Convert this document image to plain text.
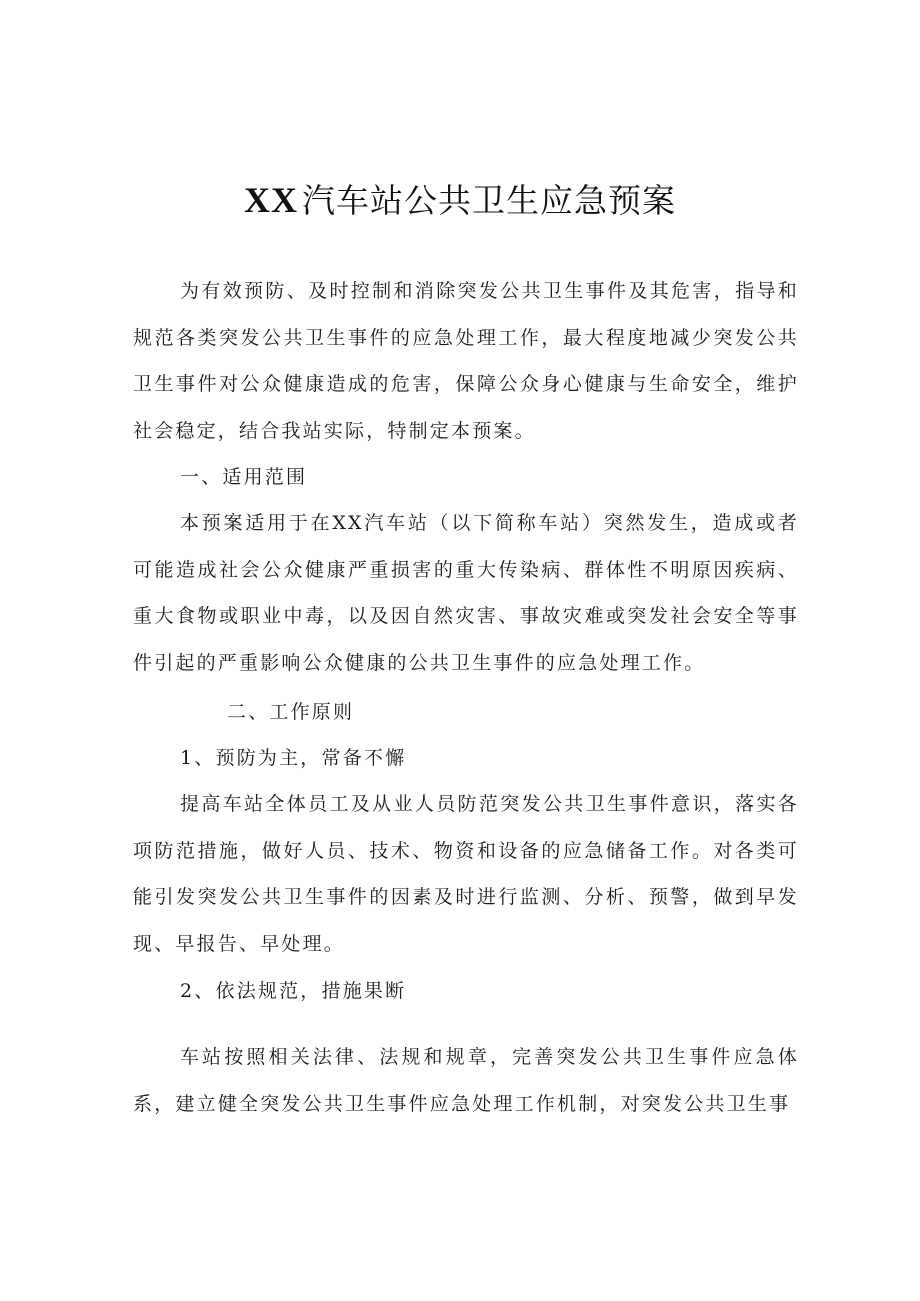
XX 汽车站公共卫生应急预案

为有效预防、及时控制和消除突发公共卫生事件及其危害，指导和规范各类突发公共卫生事件的应急处理工作，最大程度地减少突发公共卫生事件对公众健康造成的危害，保障公众身心健康与生命安全，维护社会稳定，结合我站实际，特制定本预案。

一、适用范围

本预案适用于在XX汽车站（以下简称车站）突然发生，造成或者可能造成社会公众健康严重损害的重大传染病、群体性不明原因疾病、重大食物或职业中毒，以及因自然灾害、事故灾难或突发社会安全等事件引起的严重影响公众健康的公共卫生事件的应急处理工作。

二、工作原则

1、预防为主，常备不懈

提高车站全体员工及从业人员防范突发公共卫生事件意识，落实各项防范措施，做好人员、技术、物资和设备的应急储备工作。对各类可能引发突发公共卫生事件的因素及时进行监测、分析、预警，做到早发现、早报告、早处理。

2、依法规范，措施果断

车站按照相关法律、法规和规章，完善突发公共卫生事件应急体系，建立健全突发公共卫生事件应急处理工作机制，对突发公共卫生事
